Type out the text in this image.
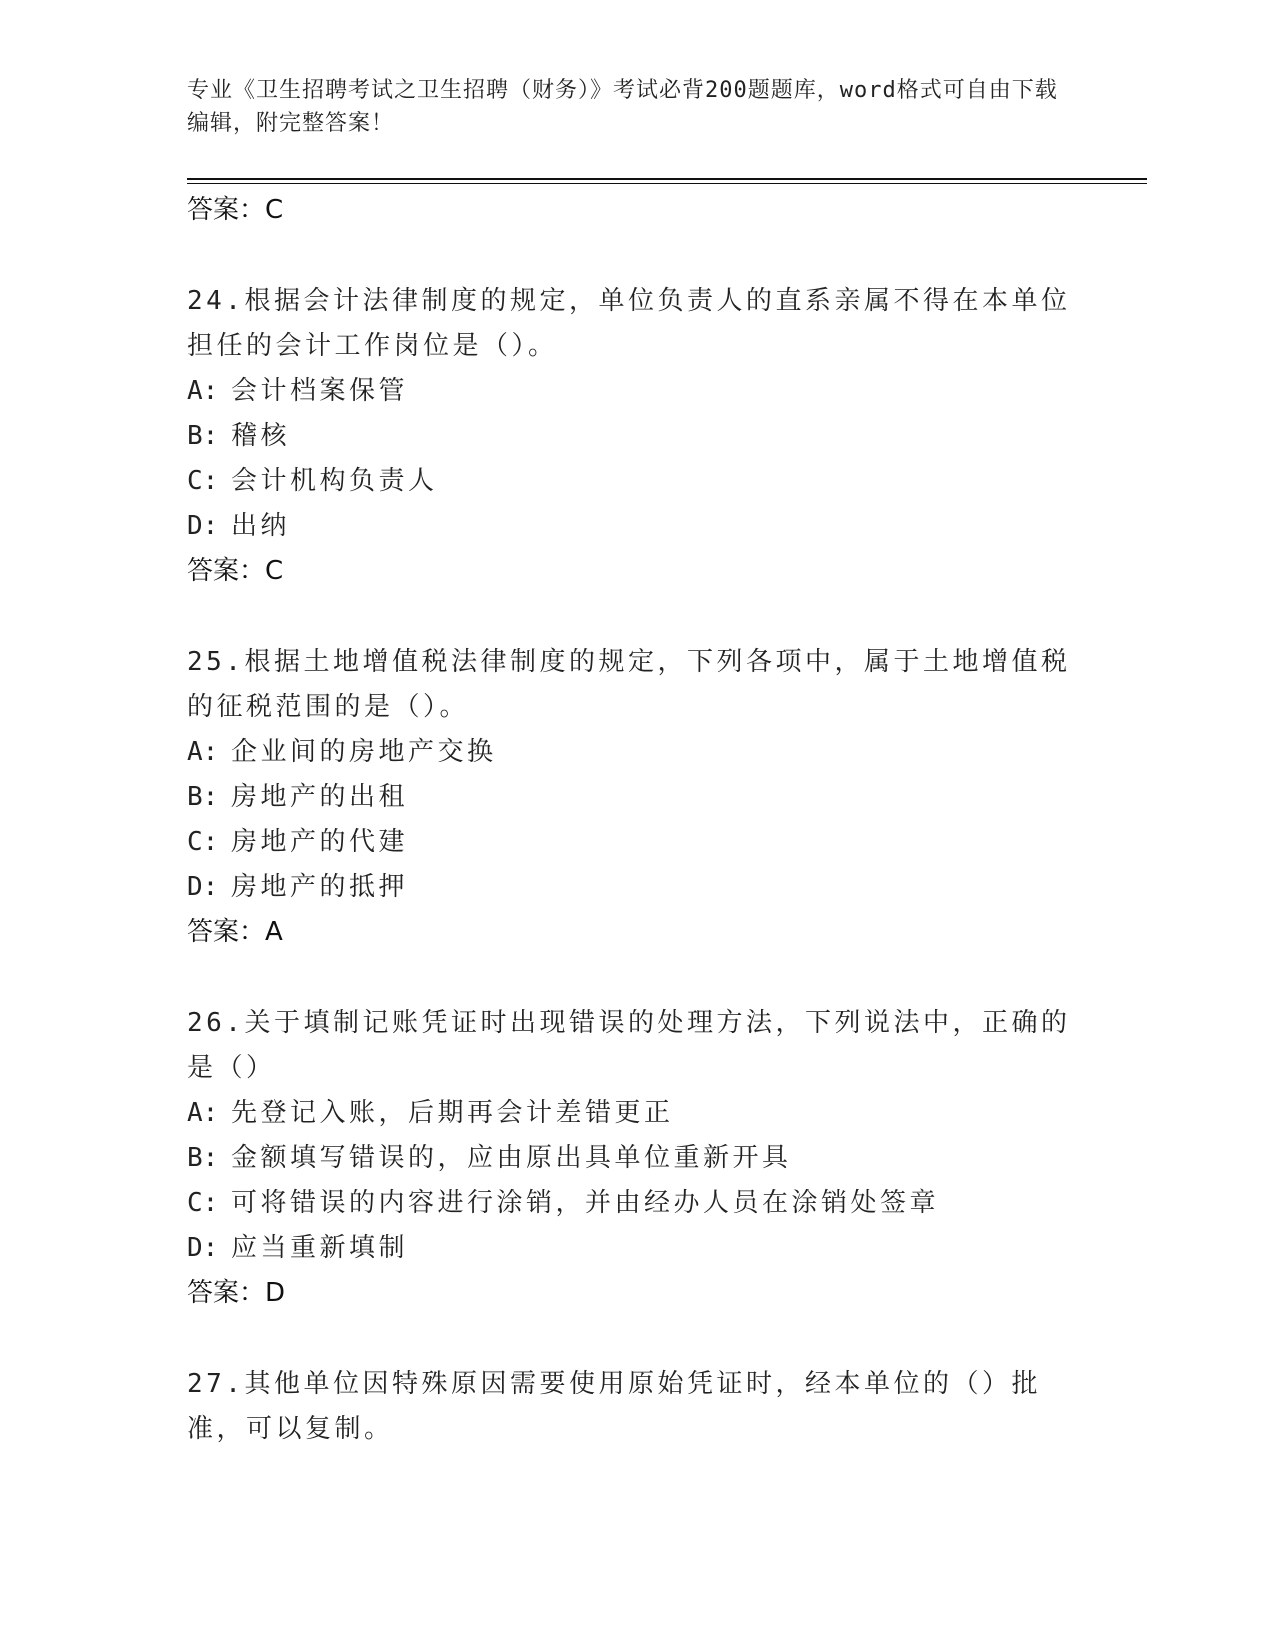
专业《卫生招聘考试之卫生招聘（财务）》考试必背200题题库，word格式可自由下载编辑，附完整答案！
答案：C
24.根据会计法律制度的规定，单位负责人的直系亲属不得在本单位担任的会计工作岗位是（）。
A: 会计档案保管
B: 稽核
C: 会计机构负责人
D: 出纳
答案：C
25.根据土地增值税法律制度的规定，下列各项中，属于土地增值税的征税范围的是（）。
A: 企业间的房地产交换
B: 房地产的出租
C: 房地产的代建
D: 房地产的抵押
答案：A
26.关于填制记账凭证时出现错误的处理方法，下列说法中，正确的是（）
A: 先登记入账，后期再会计差错更正
B: 金额填写错误的，应由原出具单位重新开具
C: 可将错误的内容进行涂销，并由经办人员在涂销处签章
D: 应当重新填制
答案：D
27.其他单位因特殊原因需要使用原始凭证时，经本单位的（）批准，可以复制。
